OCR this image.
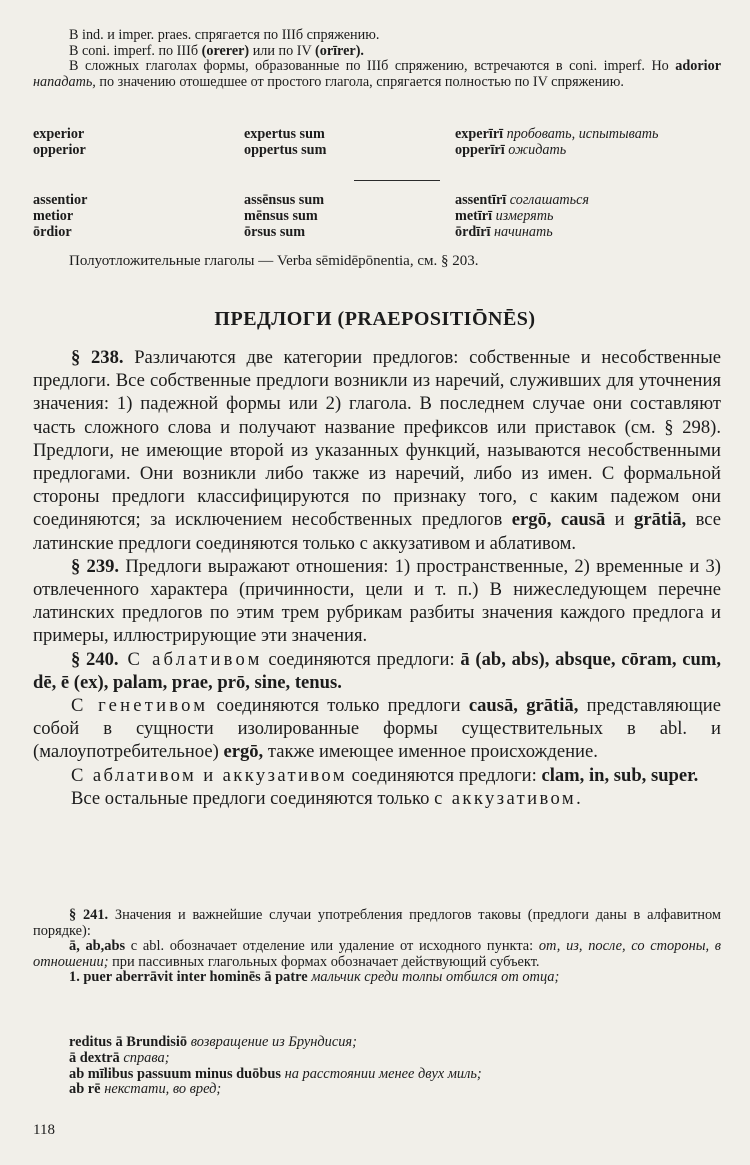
B ind. и imper. praes. спрягается по IIIб спряжению.

В coni. imperf. по IIIб (orerer) или по IV (orīrer).

В сложных глаголах формы, образованные по IIIб спряжению, встречаются в coni. imperf. Но adorior нападать, по значению отошедшее от простого глагола, спрягается полностью по IV спряжению.

experior	expertus sum	experīrī пробовать, испытывать
opperior	oppertus sum	opperīrī ожидать
assentior	assēnsus sum	assentīrī соглашаться
metior	mēnsus sum	metīrī измерять
ōrdior	ōrsus sum	ōrdīrī начинать

Полуотложительные глаголы — Verba sēmidēpōnentia, см. § 203.

ПРЕДЛОГИ (PRAEPOSITIŌNĒS)

§ 238. Различаются две категории предлогов: собственные и несобственные предлоги. Все собственные предлоги возникли из наречий, служивших для уточнения значения: 1) падежной формы или 2) глагола. В последнем случае они составляют часть сложного слова и получают название префиксов или приставок (см. § 298). Предлоги, не имеющие второй из указанных функций, называются несобственными предлогами. Они возникли либо также из наречий, либо из имен. С формальной стороны предлоги классифицируются по признаку того, с каким падежом они соединяются; за исключением несобственных предлогов ergō, causā и grātiā, все латинские предлоги соединяются только с аккузативом и аблативом.

§ 239. Предлоги выражают отношения: 1) пространственные, 2) временные и 3) отвлеченного характера (причинности, цели и т. п.) В нижеследующем перечне латинских предлогов по этим трем рубрикам разбиты значения каждого предлога и примеры, иллюстрирующие эти значения.

§ 240. С аблативом соединяются предлоги: ā (ab, abs), absque, cōram, cum, dē, ē (ex), palam, prae, prō, sine, tenus.

С генетивом соединяются только предлоги causā, grātiā, представляющие собой в сущности изолированные формы существительных в abl. и (малоупотребительное) ergō, также имеющее именное происхождение.

С аблативом и аккузативом соединяются предлоги: clam, in, sub, super.

Все остальные предлоги соединяются только с аккузативом.

§ 241. Значения и важнейшие случаи употребления предлогов таковы (предлоги даны в алфавитном порядке):

ā, ab,abs с abl. обозначает отделение или удаление от исходного пункта: от, из, после, со стороны, в отношении; при пассивных глагольных формах обозначает действующий субъект.

1. puer aberrāvit inter hominēs ā patre мальчик среди толпы отбился от отца;

reditus ā Brundisiō возвращение из Брундисия;

ā dextrā справа;

ab mīlibus passuum minus duōbus на расстоянии менее двух миль;

ab rē некстати, во вред;

118
